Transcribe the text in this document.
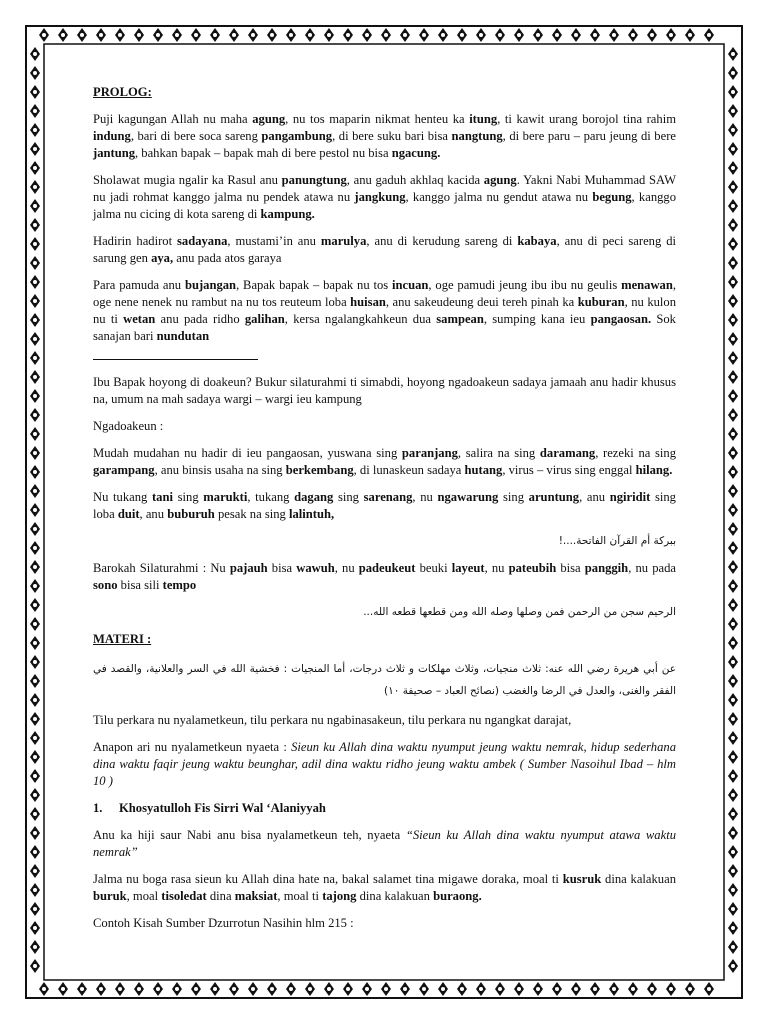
PROLOG:

Puji kagungan Allah nu maha agung, nu tos maparin nikmat henteu ka itung, ti kawit urang borojol tina rahim indung, bari di bere soca sareng pangambung, di bere suku bari bisa nangtung, di bere paru – paru jeung di bere jantung, bahkan bapak – bapak mah di bere pestol nu bisa ngacung.

Sholawat mugia ngalir ka Rasul anu panungtung, anu gaduh akhlaq kacida agung. Yakni Nabi Muhammad SAW nu jadi rohmat kanggo jalma nu pendek atawa nu jangkung, kanggo jalma nu gendut atawa nu begung, kanggo jalma nu cicing di kota sareng di kampung.

Hadirin hadirot sadayana, mustami’in anu marulya, anu di kerudung sareng di kabaya, anu di peci sareng di sarung gen aya, anu pada atos garaya

Para pamuda anu bujangan, Bapak bapak – bapak nu tos incuan, oge pamudi jeung ibu ibu nu geulis menawan, oge nene nenek nu rambut na nu tos reuteum loba huisan, anu sakeudeung deui tereh pinah ka kuburan, nu kulon nu ti wetan anu pada ridho galihan, kersa ngalangkahkeun dua sampean, sumping kana ieu pangaosan. Sok sanajan bari nundutan

Ibu Bapak hoyong di doakeun? Bukur silaturahmi ti simabdi, hoyong ngadoakeun sadaya jamaah anu hadir khusus na, umum na mah sadaya wargi – wargi ieu kampung

Ngadoakeun :

Mudah mudahan nu hadir di ieu pangaosan, yuswana sing paranjang, salira na sing daramang, rezeki na sing garampang, anu binsis usaha na sing berkembang, di lunaskeun sadaya hutang, virus – virus sing enggal hilang.

Nu tukang tani sing marukti, tukang dagang sing sarenang, nu ngawarung sing aruntung, anu ngiridit sing loba duit, anu buburuh pesak na sing lalintuh,

ببركة أم القرآن الفاتحة....!

Barokah Silaturahmi : Nu pajauh bisa wawuh, nu padeukeut beuki layeut, nu pateubih bisa panggih, nu pada sono bisa sili tempo

الرحيم سجن من الرحمن فمن وصلها وصله الله ومن قطعها قطعه الله...

MATERI :

عن أبي هريرة رضي الله عنه: ثلاث منجيات، وثلاث مهلكات و ثلاث درجات، أما المنجيات : فخشية الله في السر والعلانية، والقصد في الفقر والغنى، والعدل في الرضا والغضب (نصائح العباد – صحيفة ١٠)

Tilu perkara nu nyalametkeun, tilu perkara nu ngabinasakeun, tilu perkara nu ngangkat darajat,

Anapon ari nu nyalametkeun nyaeta : Sieun ku Allah dina waktu nyumput jeung waktu nemrak, hidup sederhana dina waktu faqir jeung waktu beunghar, adil dina waktu ridho jeung waktu ambek ( Sumber Nasoihul Ibad – hlm 10 )

1. Khosyatulloh Fis Sirri Wal ‘Alaniyyah

Anu ka hiji saur Nabi anu bisa nyalametkeun teh, nyaeta “Sieun ku Allah dina waktu nyumput atawa waktu nemrak”

Jalma nu boga rasa sieun ku Allah dina hate na, bakal salamet tina migawe doraka, moal ti kusruk dina kalakuan buruk, moal tisoledat dina maksiat, moal ti tajong dina kalakuan buraong.

Contoh Kisah Sumber Dzurrotun Nasihin hlm 215 :
